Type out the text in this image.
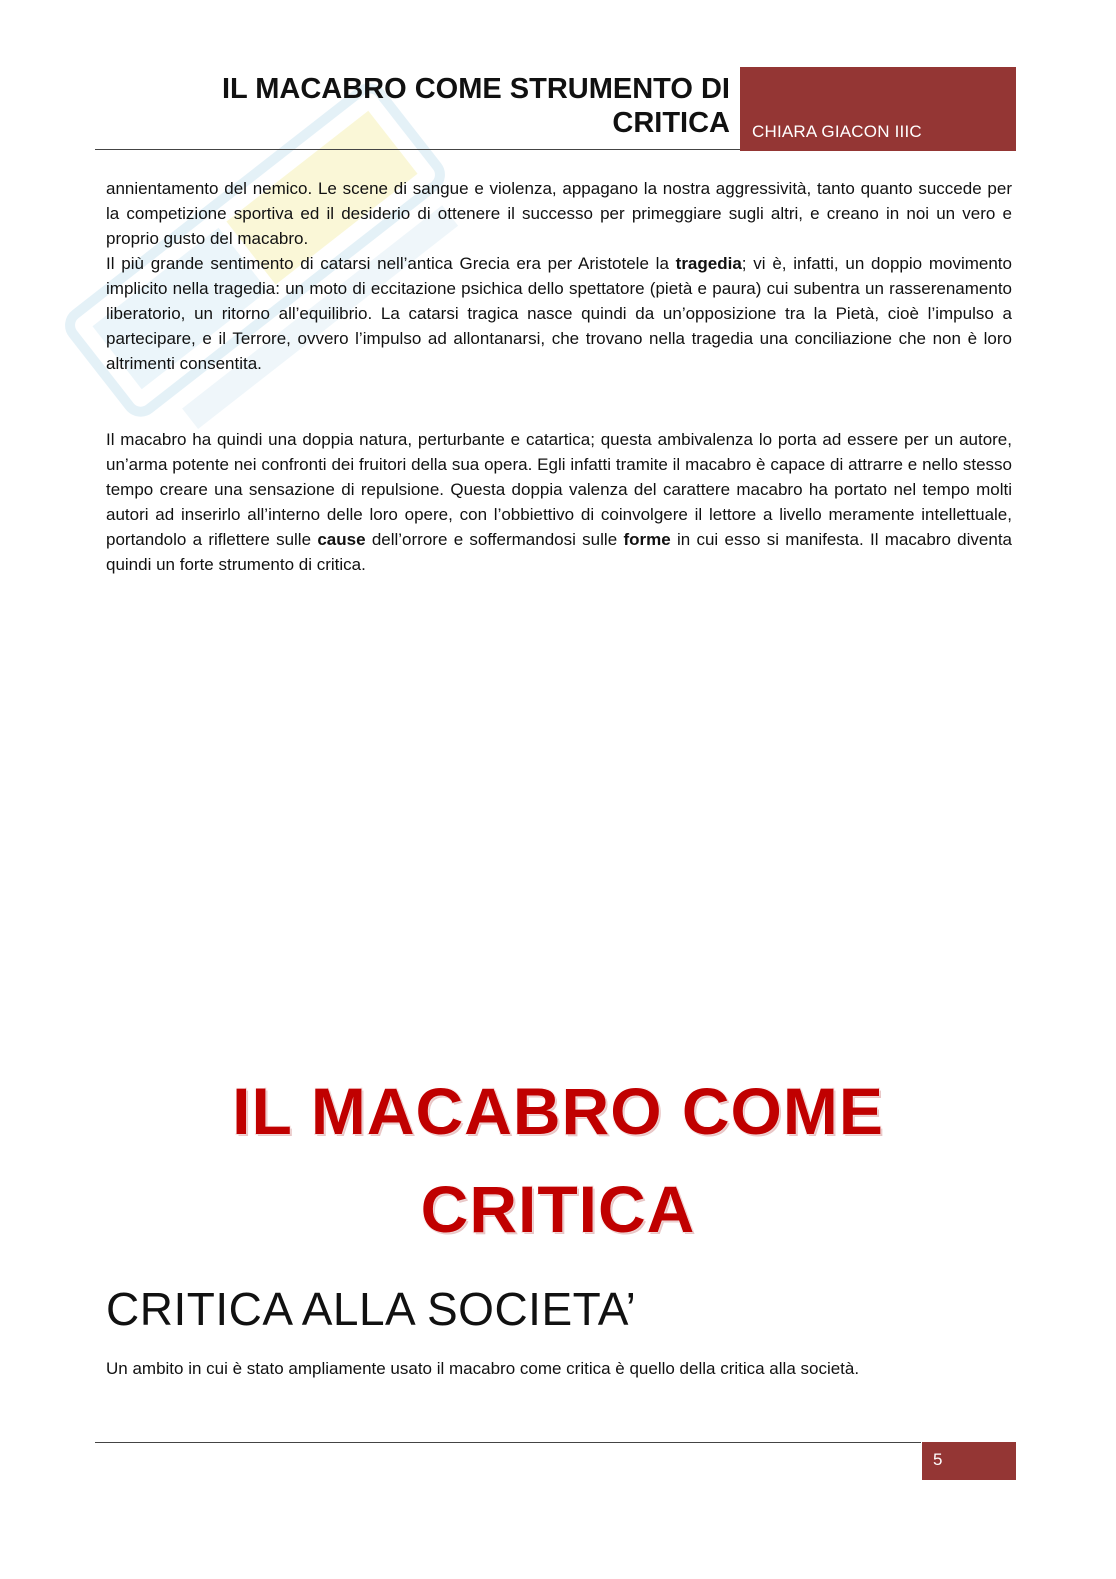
IL MACABRO COME STRUMENTO DI
CRITICA CHIARA GIACON IIIC

annientamento del nemico. Le scene di sangue e violenza, appagano la nostra aggressività, tanto quanto succede per la competizione sportiva ed il desiderio di ottenere il successo per primeggiare sugli altri, e creano in noi un vero e proprio gusto del macabro.

Il più grande sentimento di catarsi nell’antica Grecia era per Aristotele la tragedia; vi è, infatti, un doppio movimento implicito nella tragedia: un moto di eccitazione psichica dello spettatore (pietà e paura) cui subentra un rasserenamento liberatorio, un ritorno all’equilibrio. La catarsi tragica nasce quindi da un’opposizione tra la Pietà, cioè l’impulso a partecipare, e il Terrore, ovvero l’impulso ad allontanarsi, che trovano nella tragedia una conciliazione che non è loro altrimenti consentita.

Il macabro ha quindi una doppia natura, perturbante e catartica; questa ambivalenza lo porta ad essere per un autore, un’arma potente nei confronti dei fruitori della sua opera. Egli infatti tramite il macabro è capace di attrarre e nello stesso tempo creare una sensazione di repulsione. Questa doppia valenza del carattere macabro ha portato nel tempo molti autori ad inserirlo all’interno delle loro opere, con l’obbiettivo di coinvolgere il lettore a livello meramente intellettuale, portandolo a riflettere sulle cause dell’orrore e soffermandosi sulle forme in cui esso si manifesta. Il macabro diventa quindi un forte strumento di critica.

IL MACABRO COME
CRITICA
CRITICA ALLA SOCIETA’
Un ambito in cui è stato ampliamente usato il macabro come critica è quello della critica alla società.
5
